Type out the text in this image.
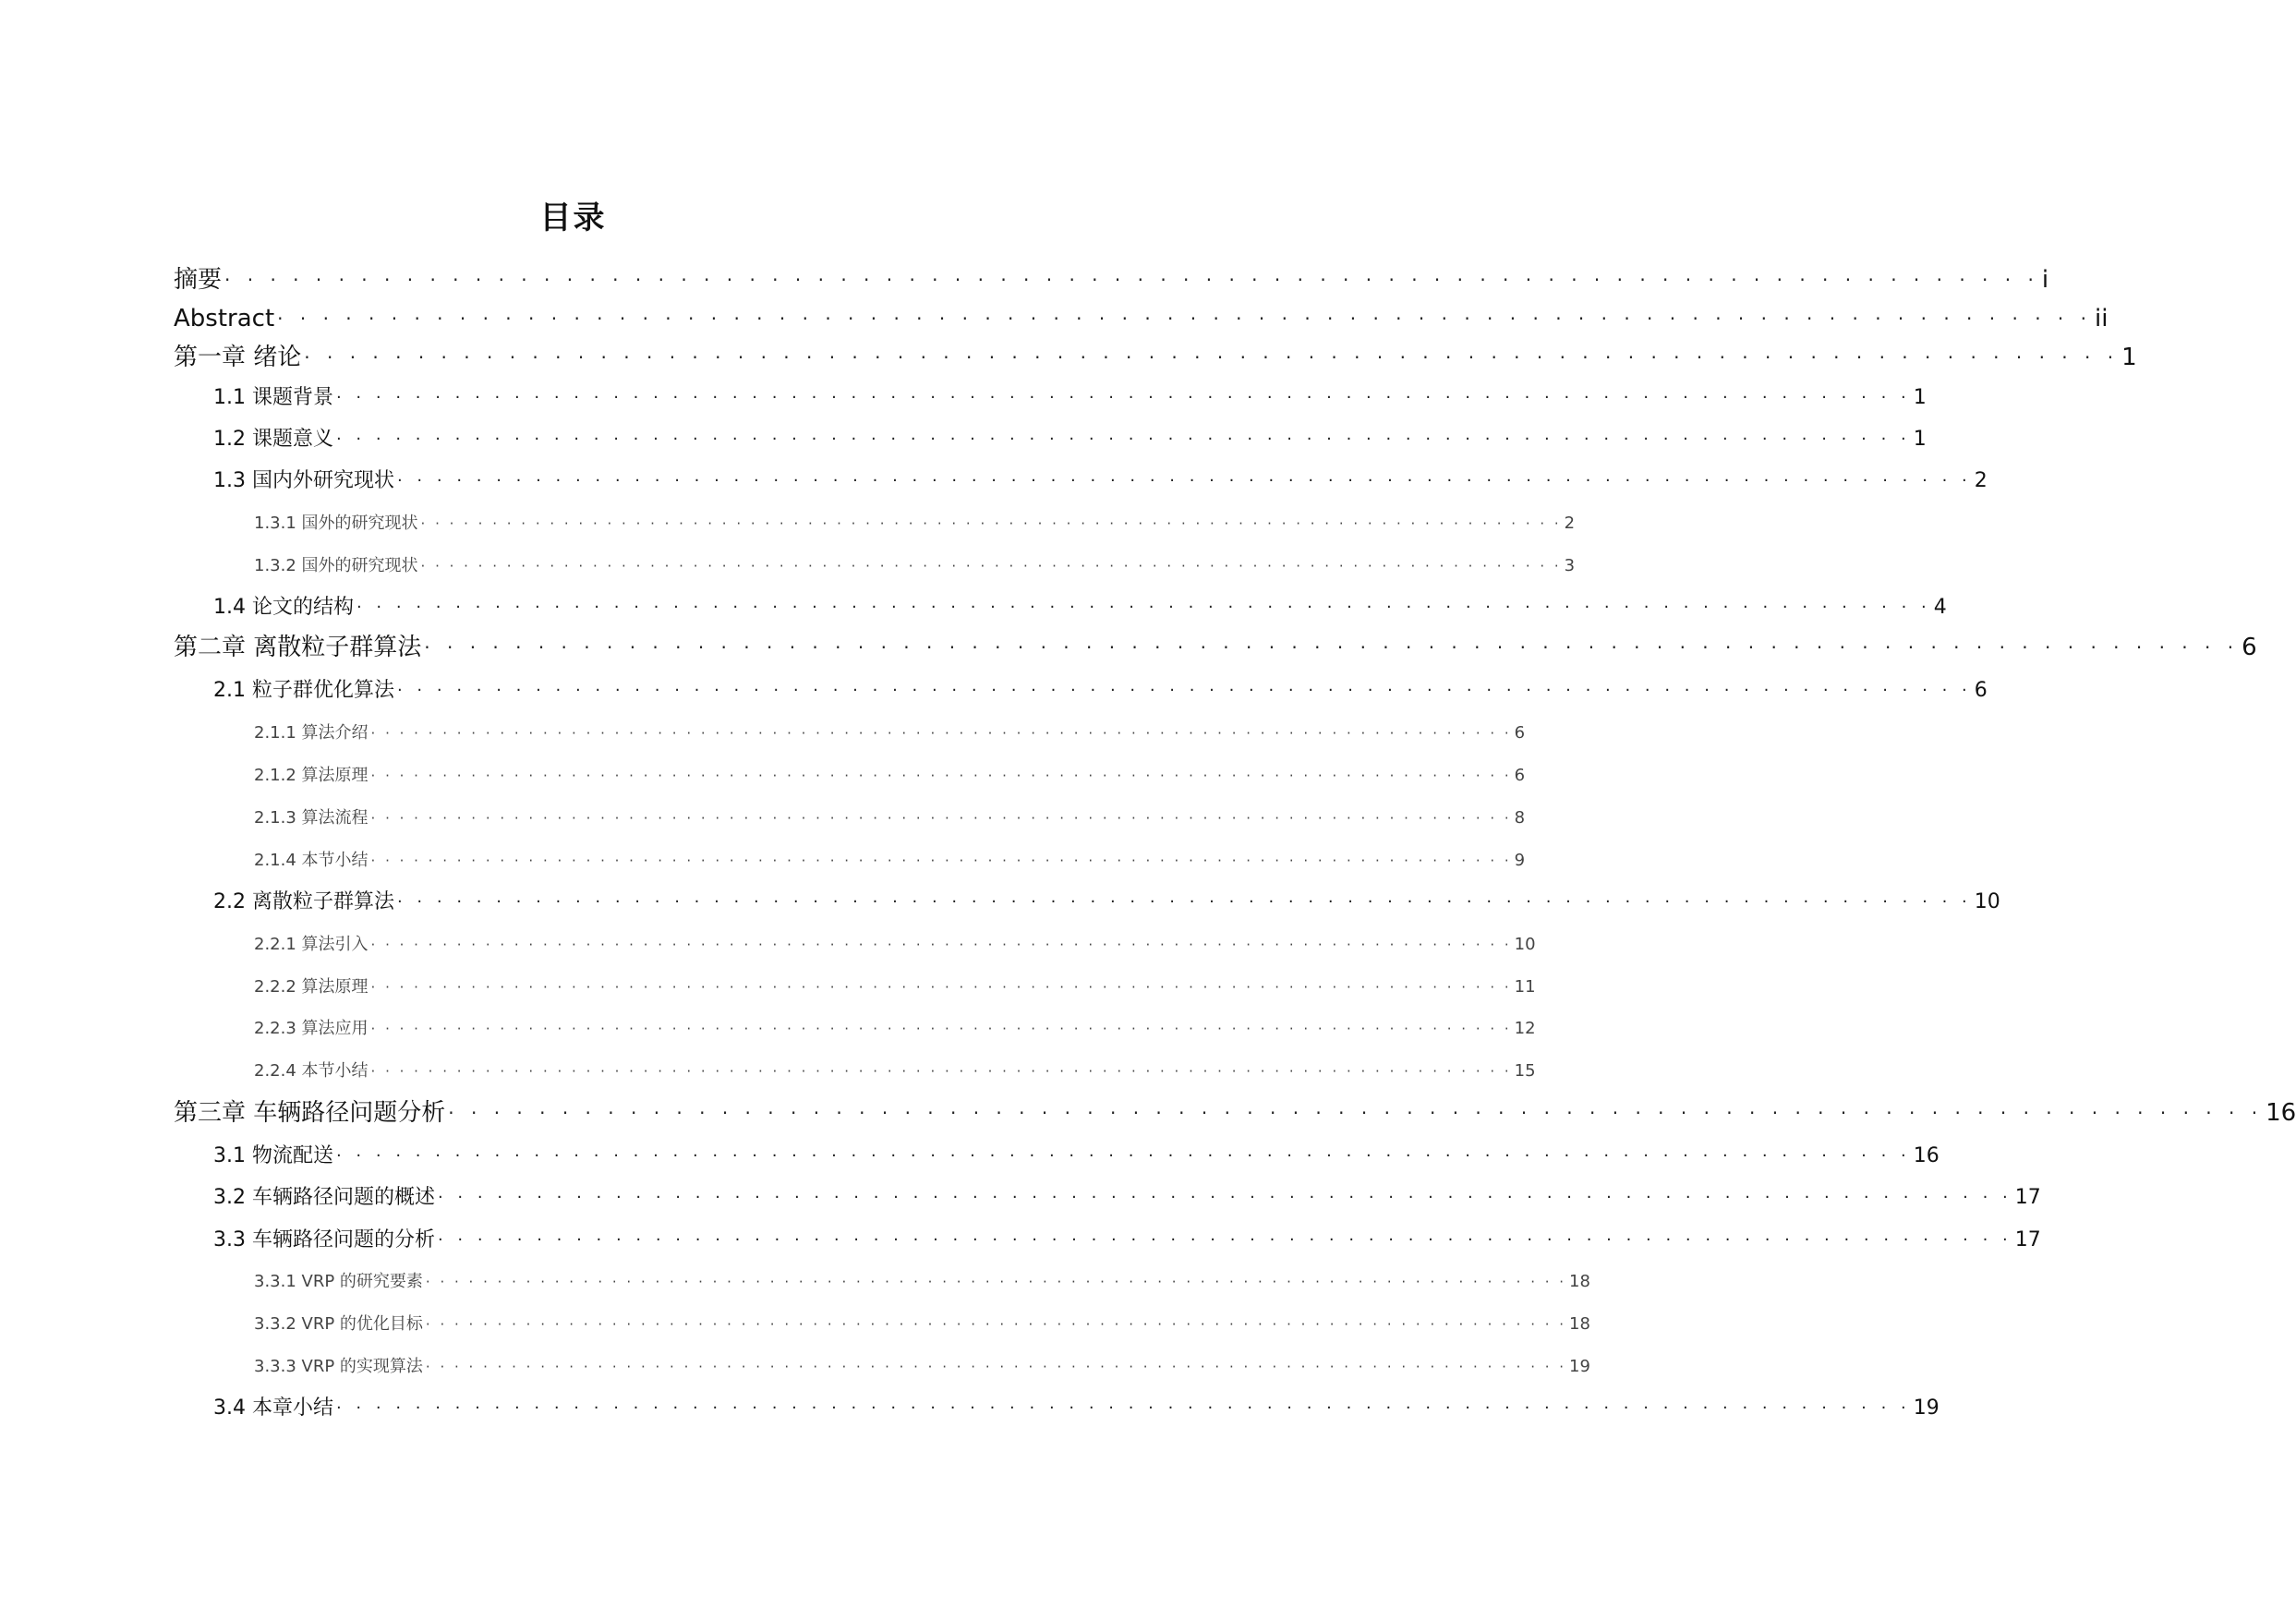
目录
摘要 · · · · · · · · · · · · · · · · · · · · · · · · · · · · · · · · · · · · · · · · · · · · · · · · · · · · · · · · · · · · · · · · · · · · · · · · · · · · · · · · i
Abstract · · · · · · · · · · · · · · · · · · · · · · · · · · · · · · · · · · · · · · · · · · · · · · · · · · · · · · · · · · · · · · · · · · · · · · · · · · · · · · · · ii
第一章 绪论 · · · · · · · · · · · · · · · · · · · · · · · · · · · · · · · · · · · · · · · · · · · · · · · · · · · · · · · · · · · · · · · · · · · · · · · · · · · · · · · · 1
1.1 课题背景 · · · · · · · · · · · · · · · · · · · · · · · · · · · · · · · · · · · · · · · · · · · · · · · · · · · · · · · · · · · · · · · · · · · · · · · · · · · · · · · · 1
1.2 课题意义 · · · · · · · · · · · · · · · · · · · · · · · · · · · · · · · · · · · · · · · · · · · · · · · · · · · · · · · · · · · · · · · · · · · · · · · · · · · · · · · · 1
1.3 国内外研究现状 · · · · · · · · · · · · · · · · · · · · · · · · · · · · · · · · · · · · · · · · · · · · · · · · · · · · · · · · · · · · · · · · · · · · · · · · · · · · · · · · 2
1.3.1 国外的研究现状 · · · · · · · · · · · · · · · · · · · · · · · · · · · · · · · · · · · · · · · · · · · · · · · · · · · · · · · · · · · · · · · · · · · · · · · · · · · · · · · · 2
1.3.2 国外的研究现状 · · · · · · · · · · · · · · · · · · · · · · · · · · · · · · · · · · · · · · · · · · · · · · · · · · · · · · · · · · · · · · · · · · · · · · · · · · · · · · · · 3
1.4 论文的结构 · · · · · · · · · · · · · · · · · · · · · · · · · · · · · · · · · · · · · · · · · · · · · · · · · · · · · · · · · · · · · · · · · · · · · · · · · · · · · · · · 4
第二章 离散粒子群算法 · · · · · · · · · · · · · · · · · · · · · · · · · · · · · · · · · · · · · · · · · · · · · · · · · · · · · · · · · · · · · · · · · · · · · · · · · · · · · · · · 6
2.1 粒子群优化算法 · · · · · · · · · · · · · · · · · · · · · · · · · · · · · · · · · · · · · · · · · · · · · · · · · · · · · · · · · · · · · · · · · · · · · · · · · · · · · · · · 6
2.1.1 算法介绍 · · · · · · · · · · · · · · · · · · · · · · · · · · · · · · · · · · · · · · · · · · · · · · · · · · · · · · · · · · · · · · · · · · · · · · · · · · · · · · · · 6
2.1.2 算法原理 · · · · · · · · · · · · · · · · · · · · · · · · · · · · · · · · · · · · · · · · · · · · · · · · · · · · · · · · · · · · · · · · · · · · · · · · · · · · · · · · 6
2.1.3 算法流程 · · · · · · · · · · · · · · · · · · · · · · · · · · · · · · · · · · · · · · · · · · · · · · · · · · · · · · · · · · · · · · · · · · · · · · · · · · · · · · · · 8
2.1.4 本节小结 · · · · · · · · · · · · · · · · · · · · · · · · · · · · · · · · · · · · · · · · · · · · · · · · · · · · · · · · · · · · · · · · · · · · · · · · · · · · · · · · 9
2.2 离散粒子群算法 · · · · · · · · · · · · · · · · · · · · · · · · · · · · · · · · · · · · · · · · · · · · · · · · · · · · · · · · · · · · · · · · · · · · · · · · · · · · · · · · 10
2.2.1 算法引入 · · · · · · · · · · · · · · · · · · · · · · · · · · · · · · · · · · · · · · · · · · · · · · · · · · · · · · · · · · · · · · · · · · · · · · · · · · · · · · · · 10
2.2.2 算法原理 · · · · · · · · · · · · · · · · · · · · · · · · · · · · · · · · · · · · · · · · · · · · · · · · · · · · · · · · · · · · · · · · · · · · · · · · · · · · · · · · 11
2.2.3 算法应用 · · · · · · · · · · · · · · · · · · · · · · · · · · · · · · · · · · · · · · · · · · · · · · · · · · · · · · · · · · · · · · · · · · · · · · · · · · · · · · · · 12
2.2.4 本节小结 · · · · · · · · · · · · · · · · · · · · · · · · · · · · · · · · · · · · · · · · · · · · · · · · · · · · · · · · · · · · · · · · · · · · · · · · · · · · · · · · 15
第三章 车辆路径问题分析 · · · · · · · · · · · · · · · · · · · · · · · · · · · · · · · · · · · · · · · · · · · · · · · · · · · · · · · · · · · · · · · · · · · · · · · · · · · · · · · · 16
3.1 物流配送 · · · · · · · · · · · · · · · · · · · · · · · · · · · · · · · · · · · · · · · · · · · · · · · · · · · · · · · · · · · · · · · · · · · · · · · · · · · · · · · · 16
3.2 车辆路径问题的概述 · · · · · · · · · · · · · · · · · · · · · · · · · · · · · · · · · · · · · · · · · · · · · · · · · · · · · · · · · · · · · · · · · · · · · · · · · · · · · · · · 17
3.3 车辆路径问题的分析 · · · · · · · · · · · · · · · · · · · · · · · · · · · · · · · · · · · · · · · · · · · · · · · · · · · · · · · · · · · · · · · · · · · · · · · · · · · · · · · · 17
3.3.1 VRP 的研究要素 · · · · · · · · · · · · · · · · · · · · · · · · · · · · · · · · · · · · · · · · · · · · · · · · · · · · · · · · · · · · · · · · · · · · · · · · · · · · · · · · 18
3.3.2 VRP 的优化目标 · · · · · · · · · · · · · · · · · · · · · · · · · · · · · · · · · · · · · · · · · · · · · · · · · · · · · · · · · · · · · · · · · · · · · · · · · · · · · · · · 18
3.3.3 VRP 的实现算法 · · · · · · · · · · · · · · · · · · · · · · · · · · · · · · · · · · · · · · · · · · · · · · · · · · · · · · · · · · · · · · · · · · · · · · · · · · · · · · · · 19
3.4 本章小结 · · · · · · · · · · · · · · · · · · · · · · · · · · · · · · · · · · · · · · · · · · · · · · · · · · · · · · · · · · · · · · · · · · · · · · · · · · · · · · · · 19
